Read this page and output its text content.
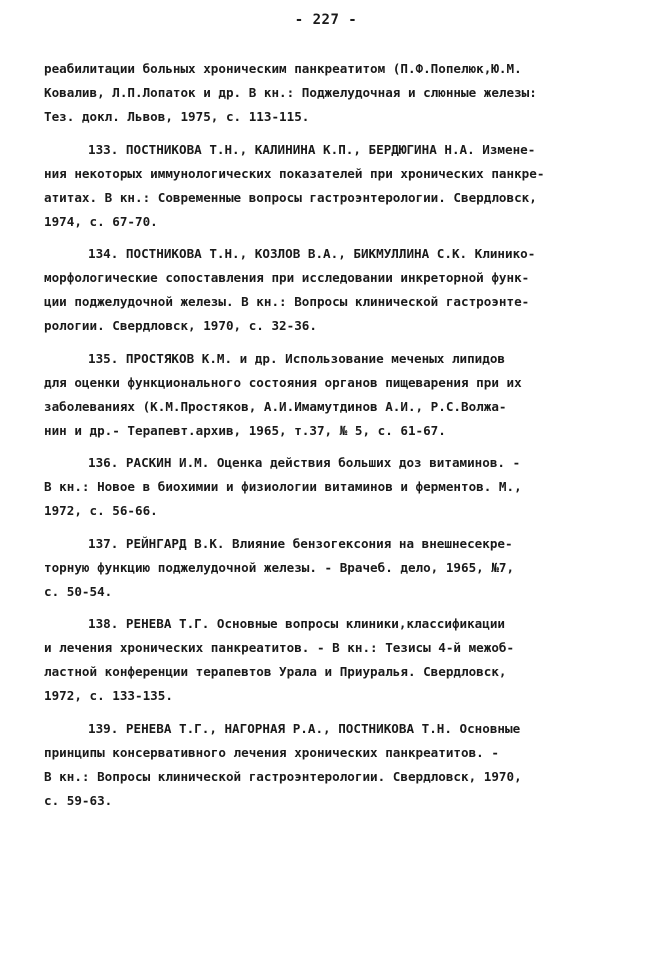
- 227 -
реабилитации больных хроническим панкреатитом (П.Ф.Попелюк,Ю.М.
Ковалив, Л.П.Лопаток и др. В кн.: Поджелудочная и слюнные железы:
Тез. докл. Львов, 1975, с. 113-115.
133. ПОСТНИКОВА Т.Н., КАЛИНИНА К.П., БЕРДЮГИНА Н.А. Измене-
ния некоторых иммунологических показателей при хронических панкре-
атитах. В кн.: Современные вопросы гастроэнтерологии. Свердловск,
1974, с. 67-70.
134. ПОСТНИКОВА Т.Н., КОЗЛОВ В.А., БИКМУЛЛИНА С.К. Клинико-
морфологические сопоставления при исследовании инкреторной функ-
ции поджелудочной железы. В кн.: Вопросы клинической гастроэнте-
рологии. Свердловск, 1970, с. 32-36.
135. ПРОСТЯКОВ К.М. и др. Использование меченых липидов
для оценки функционального состояния органов пищеварения при их
заболеваниях (К.М.Простяков, А.И.Имамутдинов А.И., Р.С.Волжа-
нин и др.- Терапевт.архив, 1965, т.37, № 5, с. 61-67.
136. РАСКИН И.М. Оценка действия больших доз витаминов. -
В кн.: Новое в биохимии и физиологии витаминов и ферментов. М.,
1972, с. 56-66.
137. РЕЙНГАРД В.К. Влияние бензогексония на внешнесекре-
торную функцию поджелудочной железы. - Врачеб. дело, 1965, №7,
с. 50-54.
138. РЕНЕВА Т.Г. Основные вопросы клиники,классификации
и лечения хронических панкреатитов. - В кн.: Тезисы 4-й межоб-
ластной конференции терапевтов Урала и Приуралья. Свердловск,
1972, с. 133-135.
139. РЕНЕВА Т.Г., НАГОРНАЯ Р.А., ПОСТНИКОВА Т.Н. Основные
принципы консервативного лечения хронических панкреатитов. -
В кн.: Вопросы клинической гастроэнтерологии. Свердловск, 1970,
с. 59-63.
